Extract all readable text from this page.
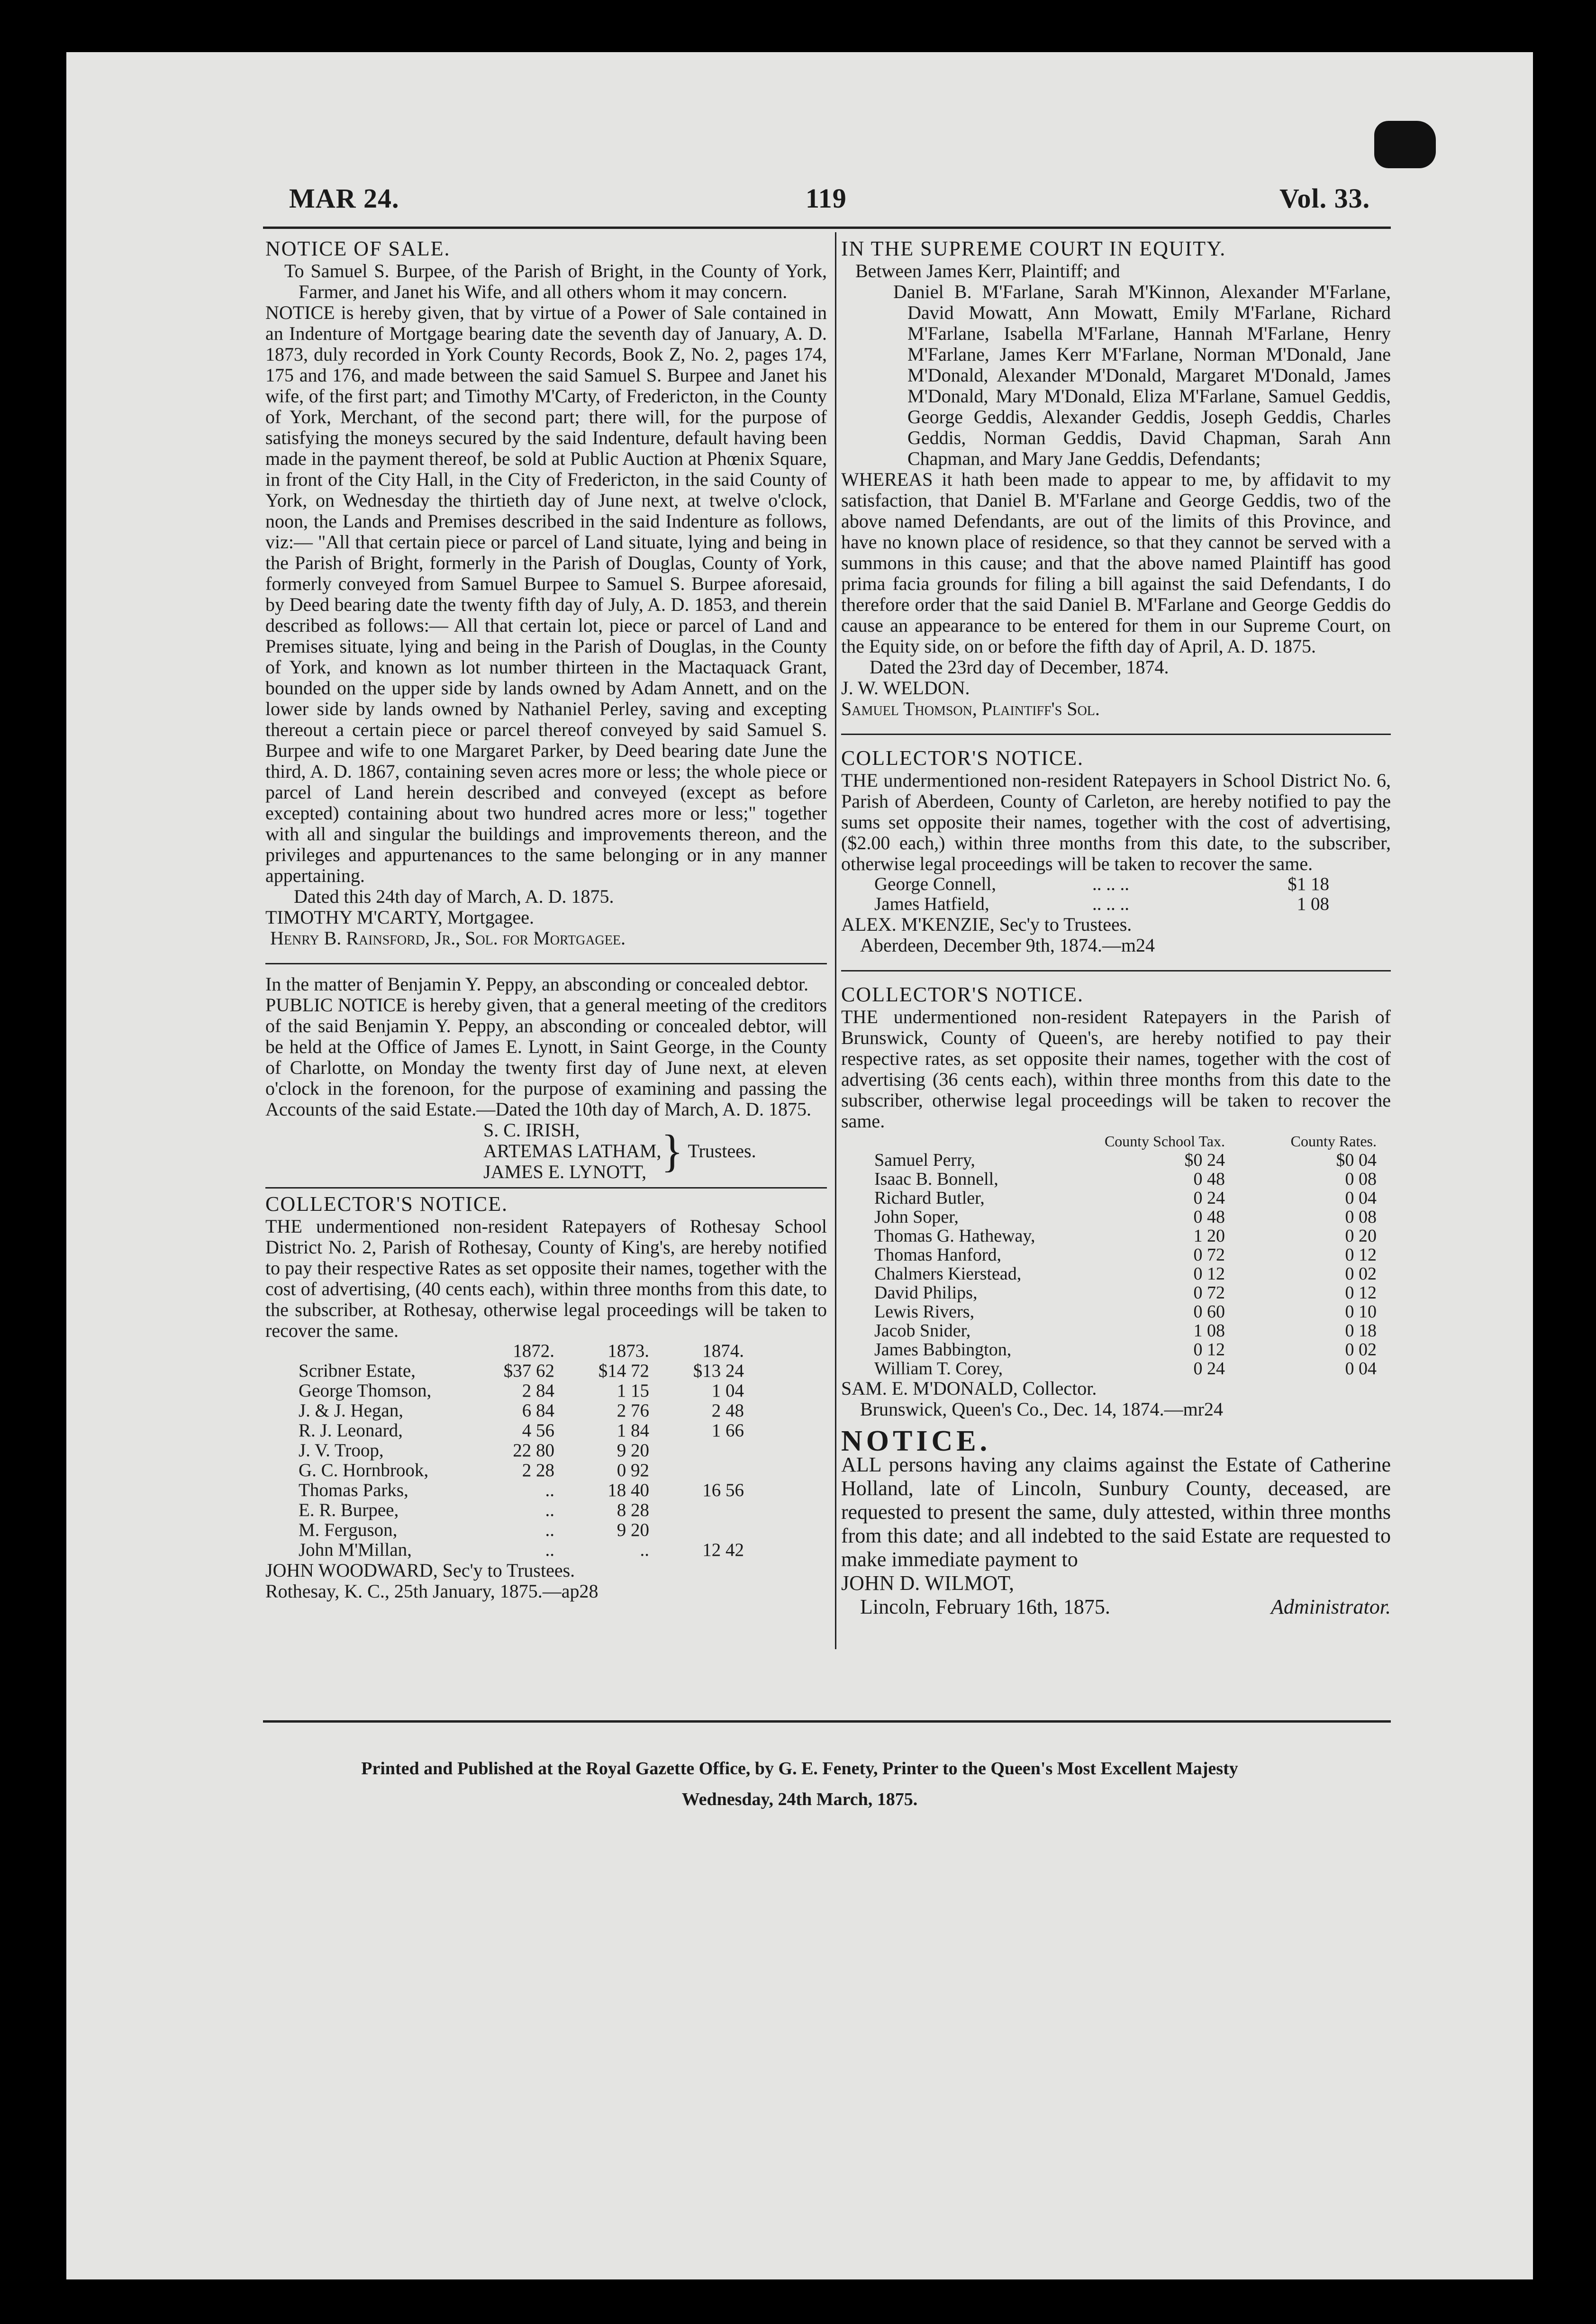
MAR 24.	119	Vol. 33.

NOTICE OF SALE.

To Samuel S. Burpee, of the Parish of Bright, in the County of York, Farmer, and Janet his Wife, and all others whom it may concern.

NOTICE is hereby given, that by virtue of a Power of Sale contained in an Indenture of Mortgage bearing date the seventh day of January, A. D. 1873, duly recorded in York County Records, Book Z, No. 2, pages 174, 175 and 176, and made between the said Samuel S. Burpee and Janet his wife, of the first part; and Timothy M'Carty, of Fredericton, in the County of York, Merchant, of the second part; there will, for the purpose of satisfying the moneys secured by the said Indenture, default having been made in the payment thereof, be sold at Public Auction at Phœnix Square, in front of the City Hall, in the City of Fredericton, in the said County of York, on Wednesday the thirtieth day of June next, at twelve o'clock, noon, the Lands and Premises described in the said Indenture as follows, viz:— "All that certain piece or parcel of Land situate, lying and being in the Parish of Bright, formerly in the Parish of Douglas, County of York, formerly conveyed from Samuel Burpee to Samuel S. Burpee aforesaid, by Deed bearing date the twenty fifth day of July, A. D. 1853, and therein described as follows:— All that certain lot, piece or parcel of Land and Premises situate, lying and being in the Parish of Douglas, in the County of York, and known as lot number thirteen in the Mactaquack Grant, bounded on the upper side by lands owned by Adam Annett, and on the lower side by lands owned by Nathaniel Perley, saving and excepting thereout a certain piece or parcel thereof conveyed by said Samuel S. Burpee and wife to one Margaret Parker, by Deed bearing date June the third, A. D. 1867, containing seven acres more or less; the whole piece or parcel of Land herein described and conveyed (except as before excepted) containing about two hundred acres more or less;" together with all and singular the buildings and improvements thereon, and the privileges and appurtenances to the same belonging or in any manner appertaining.

Dated this 24th day of March, A. D. 1875.

TIMOTHY M'CARTY, Mortgagee.

Henry B. Rainsford, Jr., Sol. for Mortgagee.

In the matter of Benjamin Y. Peppy, an absconding or concealed debtor.

PUBLIC NOTICE is hereby given, that a general meeting of the creditors of the said Benjamin Y. Peppy, an absconding or concealed debtor, will be held at the Office of James E. Lynott, in Saint George, in the County of Charlotte, on Monday the twenty first day of June next, at eleven o'clock in the forenoon, for the purpose of examining and passing the Accounts of the said Estate.—Dated the 10th day of March, A. D. 1875.

S. C. IRISH,
ARTEMAS LATHAM,
JAMES E. LYNOTT, } Trustees.

COLLECTOR'S NOTICE.

THE undermentioned non-resident Ratepayers of Rothesay School District No. 2, Parish of Rothesay, County of King's, are hereby notified to pay their respective Rates as set opposite their names, together with the cost of advertising, (40 cents each), within three months from this date, to the subscriber, at Rothesay, otherwise legal proceedings will be taken to recover the same.

	1872.	1873.	1874.
Scribner Estate,	$37 62	$14 72	$13 24
George Thomson,	2 84	1 15	1 04
J. & J. Hegan,	6 84	2 76	2 48
R. J. Leonard,	4 56	1 84	1 66
J. V. Troop,	22 80	9 20	
G. C. Hornbrook,	2 28	0 92	
Thomas Parks,	..	18 40	16 56
E. R. Burpee,	..	8 28	
M. Ferguson,	..	9 20	
John M'Millan,	..	..	12 42

JOHN WOODWARD, Sec'y to Trustees.

Rothesay, K. C., 25th January, 1875.—ap28

IN THE SUPREME COURT IN EQUITY.

Between James Kerr, Plaintiff; and

Daniel B. M'Farlane, Sarah M'Kinnon, Alexander M'Farlane, David Mowatt, Ann Mowatt, Emily M'Farlane, Richard M'Farlane, Isabella M'Farlane, Hannah M'Farlane, Henry M'Farlane, James Kerr M'Farlane, Norman M'Donald, Jane M'Donald, Alexander M'Donald, Margaret M'Donald, James M'Donald, Mary M'Donald, Eliza M'Farlane, Samuel Geddis, George Geddis, Alexander Geddis, Joseph Geddis, Charles Geddis, Norman Geddis, David Chapman, Sarah Ann Chapman, and Mary Jane Geddis, Defendants;

WHEREAS it hath been made to appear to me, by affidavit to my satisfaction, that Daniel B. M'Farlane and George Geddis, two of the above named Defendants, are out of the limits of this Province, and have no known place of residence, so that they cannot be served with a summons in this cause; and that the above named Plaintiff has good prima facia grounds for filing a bill against the said Defendants, I do therefore order that the said Daniel B. M'Farlane and George Geddis do cause an appearance to be entered for them in our Supreme Court, on the Equity side, on or before the fifth day of April, A. D. 1875.

Dated the 23rd day of December, 1874.

J. W. WELDON.

Samuel Thomson, Plaintiff's Sol.

COLLECTOR'S NOTICE.

THE undermentioned non-resident Ratepayers in School District No. 6, Parish of Aberdeen, County of Carleton, are hereby notified to pay the sums set opposite their names, together with the cost of advertising, ($2.00 each,) within three months from this date, to the subscriber, otherwise legal proceedings will be taken to recover the same.

George Connell,	.. .. ..	$1 18
James Hatfield,	.. .. ..	1 08

ALEX. M'KENZIE, Sec'y to Trustees.

Aberdeen, December 9th, 1874.—m24

COLLECTOR'S NOTICE.

THE undermentioned non-resident Ratepayers in the Parish of Brunswick, County of Queen's, are hereby notified to pay their respective rates, as set opposite their names, together with the cost of advertising (36 cents each), within three months from this date to the subscriber, otherwise legal proceedings will be taken to recover the same.

	County School Tax.	County Rates.
Samuel Perry,	$0 24	$0 04
Isaac B. Bonnell,	0 48	0 08
Richard Butler,	0 24	0 04
John Soper,	0 48	0 08
Thomas G. Hatheway,	1 20	0 20
Thomas Hanford,	0 72	0 12
Chalmers Kierstead,	0 12	0 02
David Philips,	0 72	0 12
Lewis Rivers,	0 60	0 10
Jacob Snider,	1 08	0 18
James Babbington,	0 12	0 02
William T. Corey,	0 24	0 04

SAM. E. M'DONALD, Collector.

Brunswick, Queen's Co., Dec. 14, 1874.—mr24

NOTICE.

ALL persons having any claims against the Estate of Catherine Holland, late of Lincoln, Sunbury County, deceased, are requested to present the same, duly attested, within three months from this date; and all indebted to the said Estate are requested to make immediate payment to

JOHN D. WILMOT,

Lincoln, February 16th, 1875.	Administrator.
Printed and Published at the Royal Gazette Office, by G. E. Fenety, Printer to the Queen's Most Excellent Majesty
Wednesday, 24th March, 1875.
